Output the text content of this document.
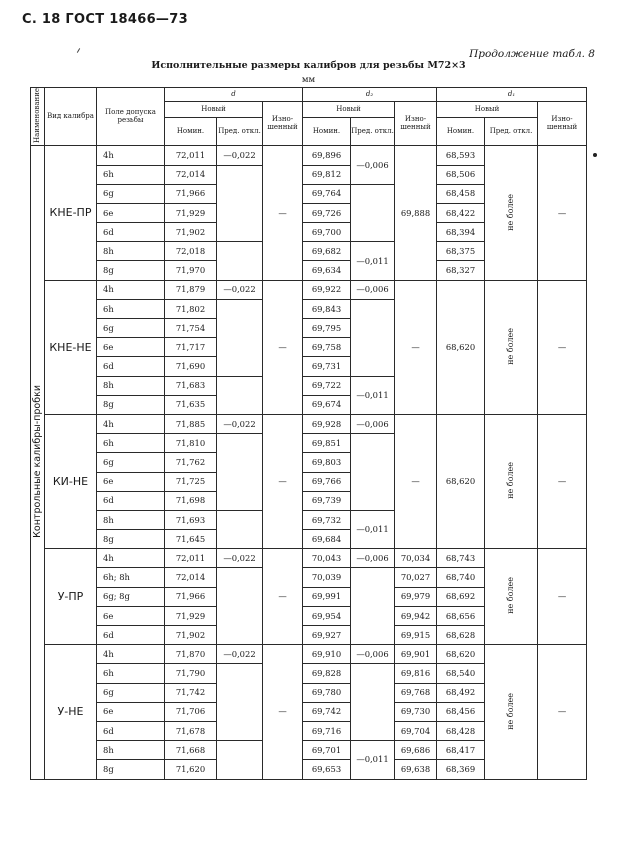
С. 18 ГОСТ 18466—73
Продолжение табл. 8
Исполнительные размеры калибров для резьбы М72×3
мм
Наименование	Вид калибра	Поле допуска резьбы	d			d₂			d₁		
			Новый		Изно-шенный	Новый		Изно-шенный	Новый		Изно-шенный
			Номин.	Пред. откл.		Номин.	Пред. откл.		Номин.	Пред. откл.	
Контрольные калибры-пробки	КНЕ-ПР	4h	72,011	—0,022	—	69,896	—0,006	69,888	68,593	не более	—
		6h	72,014			69,812			68,506		
		6g	71,966			69,764			68,458		
		6e	71,929			69,726			68,422		
		6d	71,902			69,700			68,394		
		8h	72,018			69,682	—0,011		68,375		
		8g	71,970			69,634			68,327		
	КНЕ-НЕ	4h	71,879	—0,022	—	69,922	—0,006	—	68,620	не более	—
		6h	71,802			69,843					
		6g	71,754			69,795					
		6e	71,717			69,758					
		6d	71,690			69,731					
		8h	71,683			69,722	—0,011				
		8g	71,635			69,674					
	КИ-НЕ	4h	71,885	—0,022	—	69,928	—0,006	—	68,620	не более	—
		6h	71,810			69,851					
		6g	71,762			69,803					
		6e	71,725			69,766					
		6d	71,698			69,739					
		8h	71,693			69,732	—0,011				
		8g	71,645			69,684					
	У-ПР	4h	72,011	—0,022	—	70,043	—0,006	70,034	68,743	не более	—
		6h; 8h	72,014			70,039		70,027	68,740		
		6g; 8g	71,966			69,991		69,979	68,692		
		6e	71,929			69,954		69,942	68,656		
		6d	71,902			69,927		69,915	68,628		
	У-НЕ	4h	71,870	—0,022	—	69,910	—0,006	69,901	68,620	не более	—
		6h	71,790			69,828		69,816	68,540		
		6g	71,742			69,780		69,768	68,492		
		6e	71,706			69,742		69,730	68,456		
		6d	71,678			69,716		69,704	68,428		
		8h	71,668			69,701	—0,011	69,686	68,417		
		8g	71,620			69,653		69,638	68,369		
